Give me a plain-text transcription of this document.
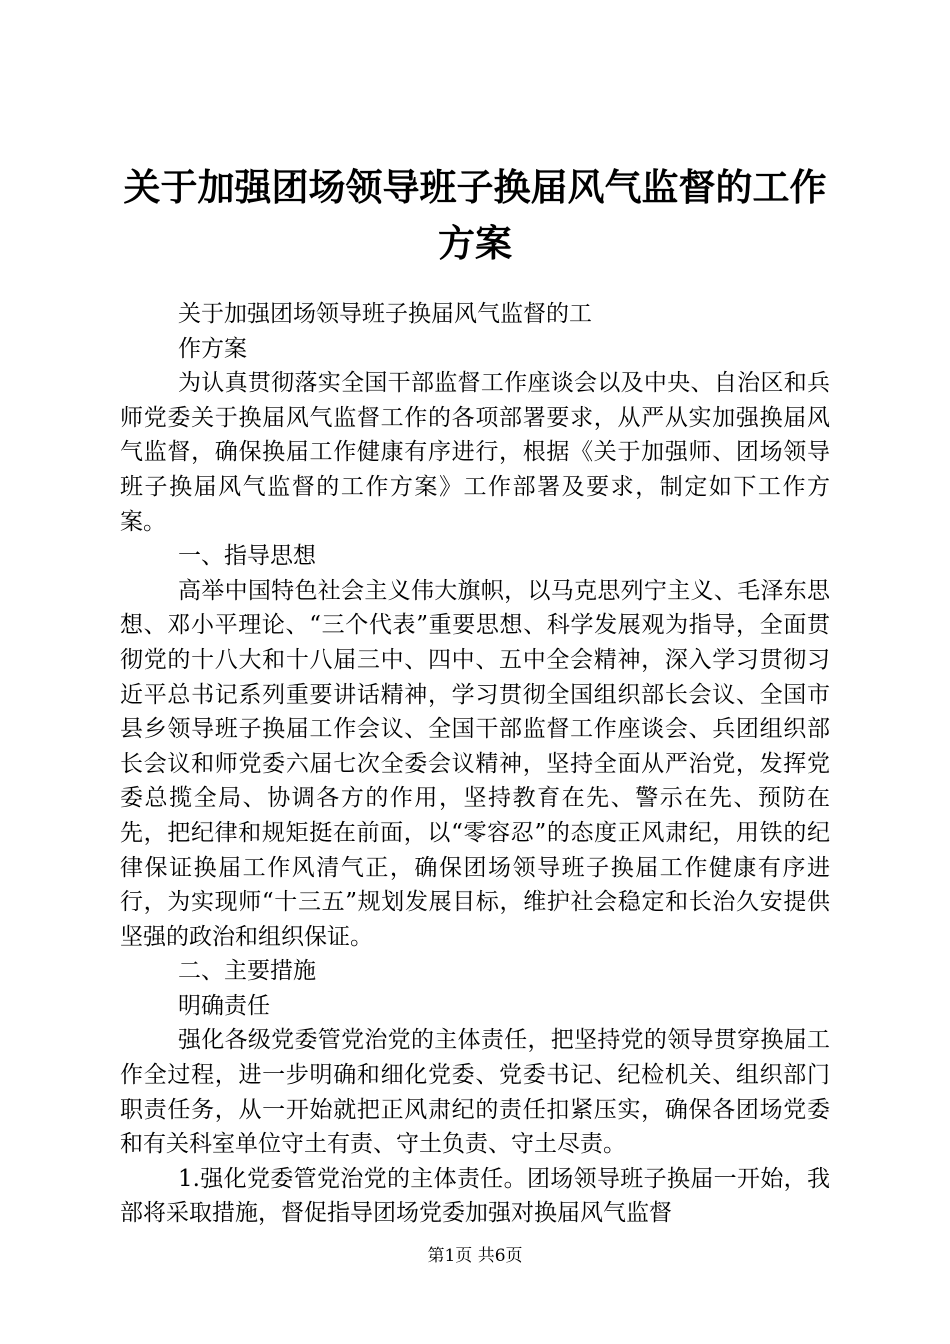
关于加强团场领导班子换届风气监督的工作方案

关于加强团场领导班子换届风气监督的工

作方案

为认真贯彻落实全国干部监督工作座谈会以及中央、自治区和兵师党委关于换届风气监督工作的各项部署要求，从严从实加强换届风气监督，确保换届工作健康有序进行，根据《关于加强师、团场领导班子换届风气监督的工作方案》工作部署及要求，制定如下工作方案。

一、指导思想

高举中国特色社会主义伟大旗帜，以马克思列宁主义、毛泽东思想、邓小平理论、“三个代表”重要思想、科学发展观为指导，全面贯彻党的十八大和十八届三中、四中、五中全会精神，深入学习贯彻习近平总书记系列重要讲话精神，学习贯彻全国组织部长会议、全国市县乡领导班子换届工作会议、全国干部监督工作座谈会、兵团组织部长会议和师党委六届七次全委会议精神，坚持全面从严治党，发挥党委总揽全局、协调各方的作用，坚持教育在先、警示在先、预防在先，把纪律和规矩挺在前面，以“零容忍”的态度正风肃纪，用铁的纪律保证换届工作风清气正，确保团场领导班子换届工作健康有序进行，为实现师“十三五”规划发展目标，维护社会稳定和长治久安提供坚强的政治和组织保证。

二、主要措施

明确责任

强化各级党委管党治党的主体责任，把坚持党的领导贯穿换届工作全过程，进一步明确和细化党委、党委书记、纪检机关、组织部门职责任务，从一开始就把正风肃纪的责任扣紧压实，确保各团场党委和有关科室单位守土有责、守土负责、守土尽责。

1.强化党委管党治党的主体责任。团场领导班子换届一开始，我部将采取措施，督促指导团场党委加强对换届风气监督

第1页 共6页
